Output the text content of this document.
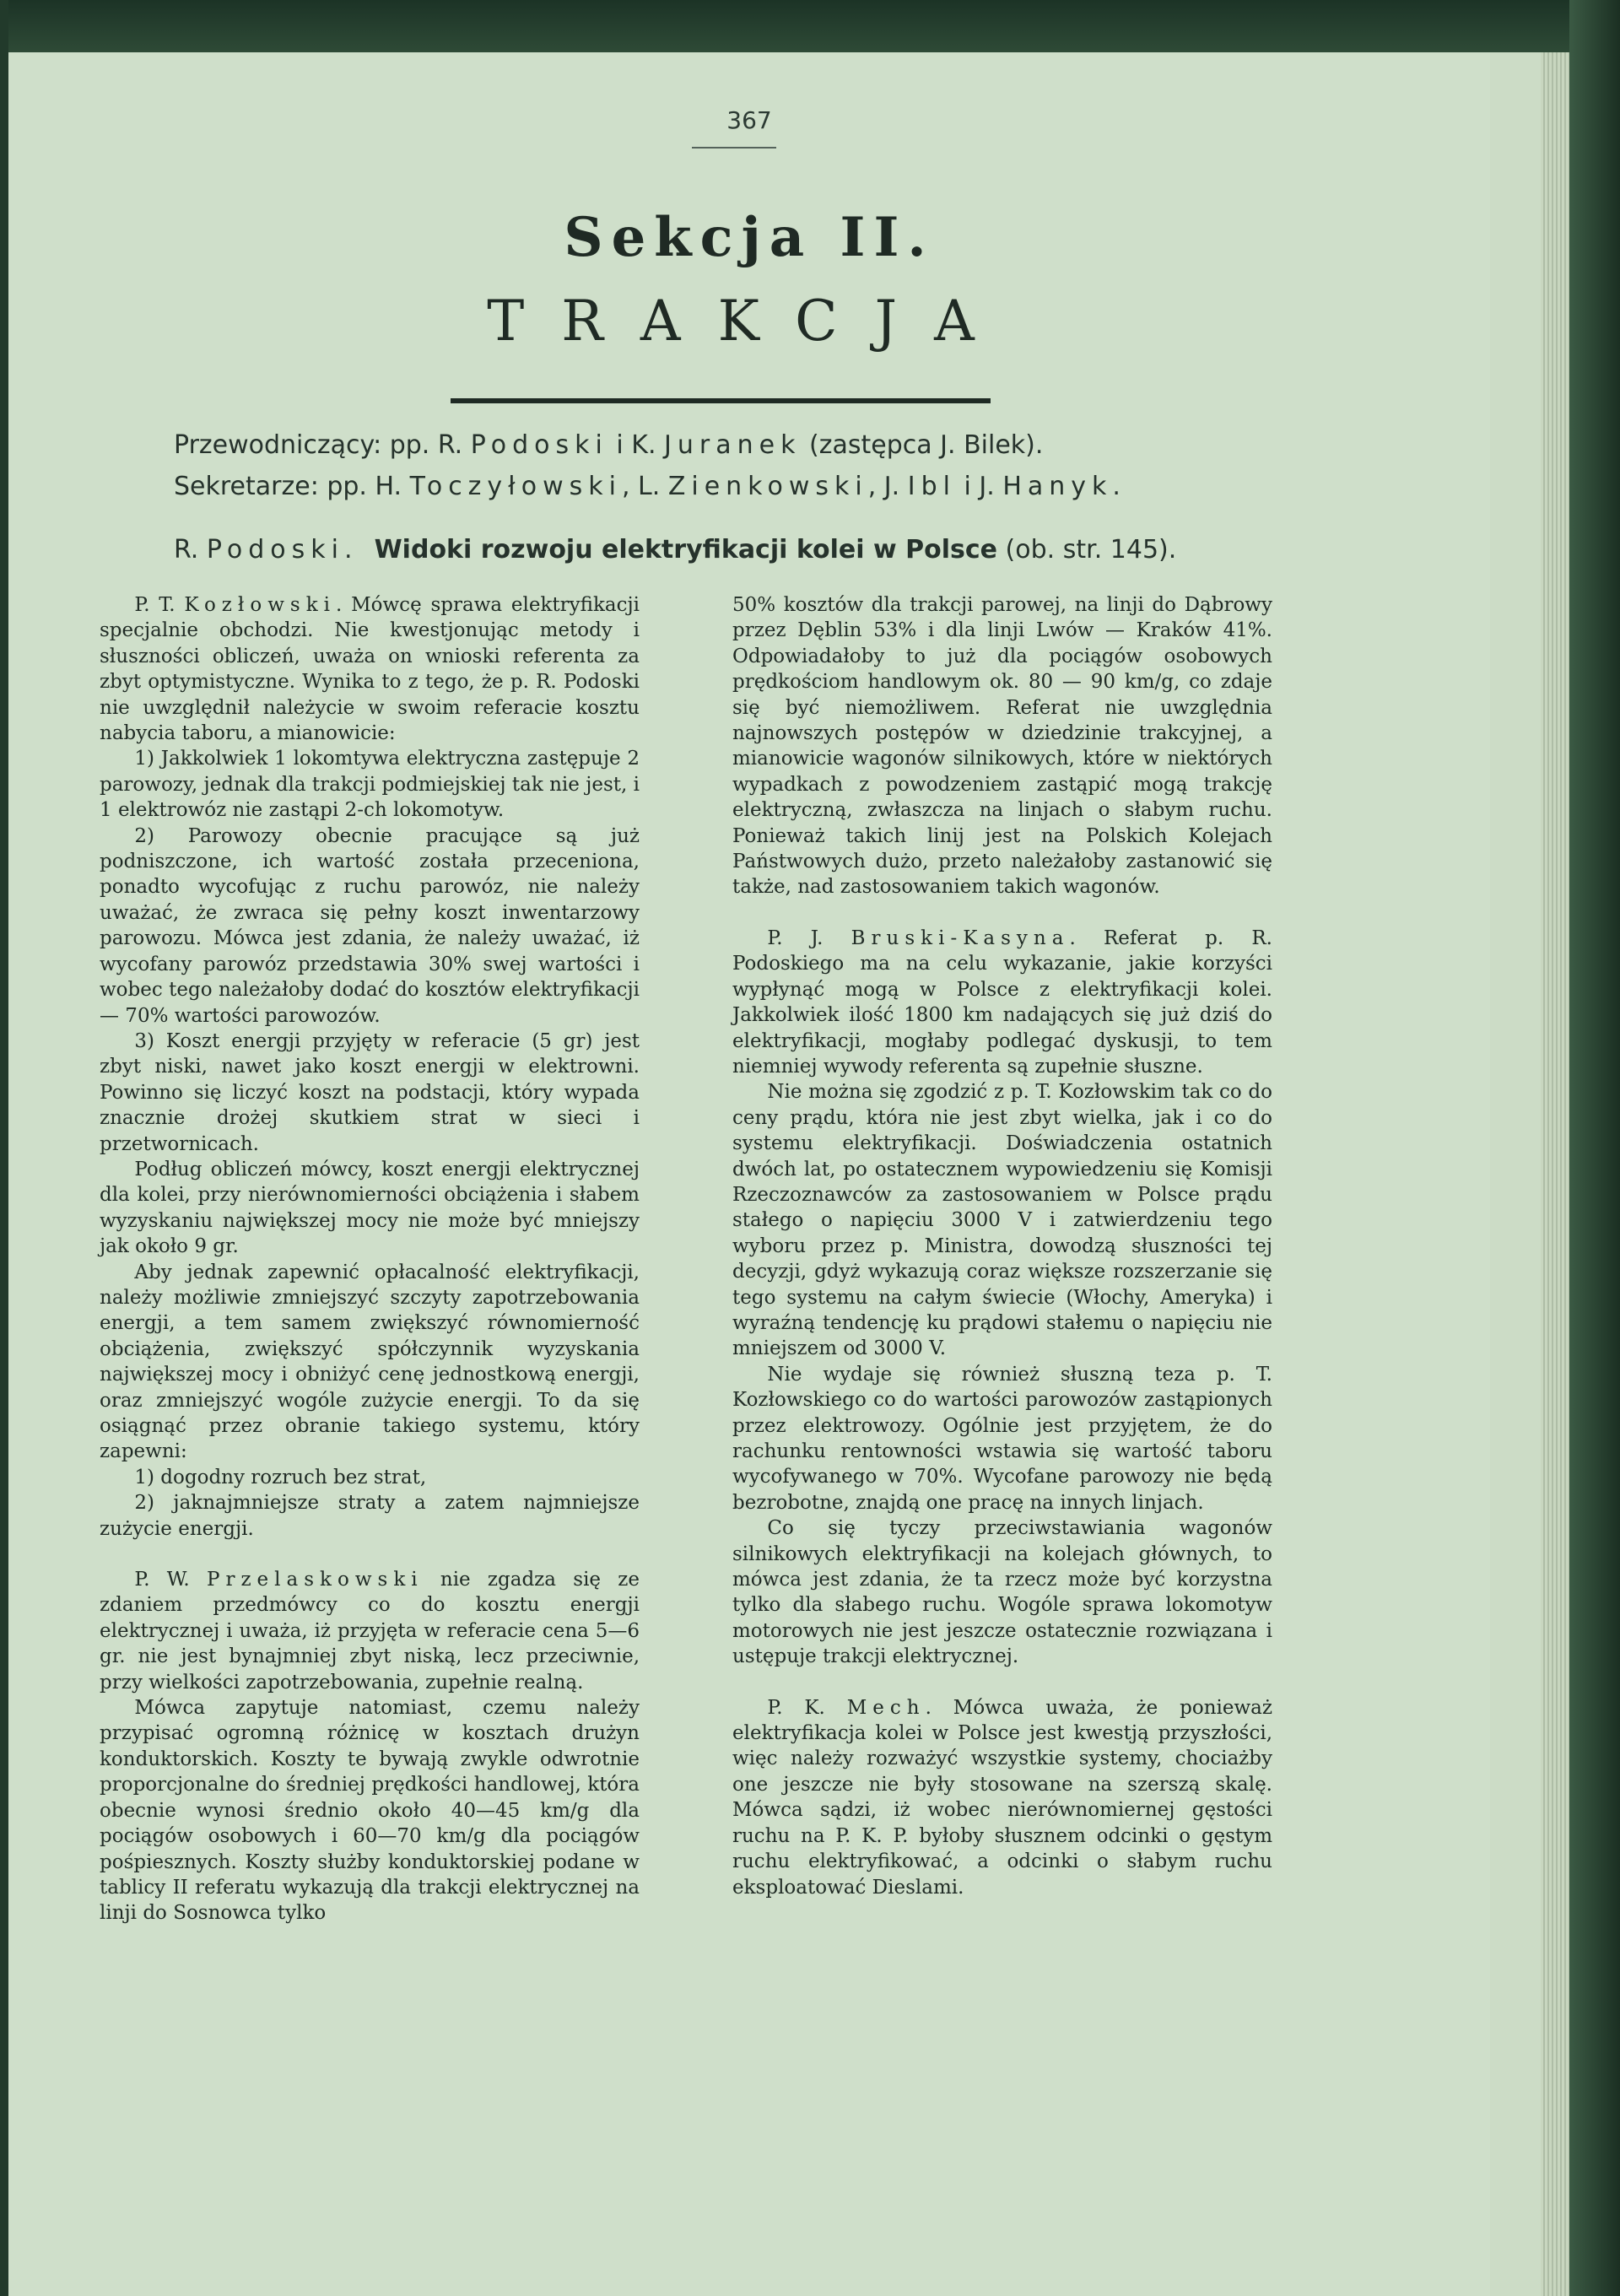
367
Sekcja II.
TRAKCJA
Przewodniczący: pp. R. Podoski i K. Juranek (zastępca J. Bilek).
Sekretarze: pp. H. Toczyłowski, L. Zienkowski, J. Ibl i J. Hanyk.
R. Podoski. Widoki rozwoju elektryfikacji kolei w Polsce (ob. str. 145).

P. T. Kozłowski. Mówcę sprawa elektryfikacji specjalnie obchodzi. Nie kwestjonując metody i słuszności obliczeń, uważa on wnioski referenta za zbyt optymistyczne. Wynika to z tego, że p. R. Podoski nie uwzględnił należycie w swoim referacie kosztu nabycia taboru, a mianowicie:

1) Jakkolwiek 1 lokomtywa elektryczna zastępuje 2 parowozy, jednak dla trakcji podmiejskiej tak nie jest, i 1 elektrowóz nie zastąpi 2-ch lokomotyw.

2) Parowozy obecnie pracujące są już podniszczone, ich wartość została przeceniona, ponadto wycofując z ruchu parowóz, nie należy uważać, że zwraca się pełny koszt inwentarzowy parowozu. Mówca jest zdania, że należy uważać, iż wycofany parowóz przedstawia 30% swej wartości i wobec tego należałoby dodać do kosztów elektryfikacji — 70% wartości parowozów.

3) Koszt energji przyjęty w referacie (5 gr) jest zbyt niski, nawet jako koszt energji w elektrowni. Powinno się liczyć koszt na podstacji, który wypada znacznie drożej skutkiem strat w sieci i przetwornicach.

Podług obliczeń mówcy, koszt energji elektrycznej dla kolei, przy nierównomierności obciążenia i słabem wyzyskaniu największej mocy nie może być mniejszy jak około 9 gr.

Aby jednak zapewnić opłacalność elektryfikacji, należy możliwie zmniejszyć szczyty zapotrzebowania energji, a tem samem zwiększyć równomierność obciążenia, zwiększyć spółczynnik wyzyskania największej mocy i obniżyć cenę jednostkową energji, oraz zmniejszyć wogóle zużycie energji. To da się osiągnąć przez obranie takiego systemu, który zapewni:

1) dogodny rozruch bez strat,

2) jaknajmniejsze straty a zatem najmniejsze zużycie energji.

P. W. Przelaskowski nie zgadza się ze zdaniem przedmówcy co do kosztu energji elektrycznej i uważa, iż przyjęta w referacie cena 5—6 gr. nie jest bynajmniej zbyt niską, lecz przeciwnie, przy wielkości zapotrzebowania, zupełnie realną.

Mówca zapytuje natomiast, czemu należy przypisać ogromną różnicę w kosztach drużyn konduktorskich. Koszty te bywają zwykle odwrotnie proporcjonalne do średniej prędkości handlowej, która obecnie wynosi średnio około 40—45 km/g dla pociągów osobowych i 60—70 km/g dla pociągów pośpiesznych. Koszty służby konduktorskiej podane w tablicy II referatu wykazują dla trakcji elektrycznej na linji do Sosnowca tylko

50% kosztów dla trakcji parowej, na linji do Dąbrowy przez Dęblin 53% i dla linji Lwów — Kraków 41%. Odpowiadałoby to już dla pociągów osobowych prędkościom handlowym ok. 80 — 90 km/g, co zdaje się być niemożliwem. Referat nie uwzględnia najnowszych postępów w dziedzinie trakcyjnej, a mianowicie wagonów silnikowych, które w niektórych wypadkach z powodzeniem zastąpić mogą trakcję elektryczną, zwłaszcza na linjach o słabym ruchu. Ponieważ takich linij jest na Polskich Kolejach Państwowych dużo, przeto należałoby zastanowić się także, nad zastosowaniem takich wagonów.

P. J. Bruski-Kasyna. Referat p. R. Podoskiego ma na celu wykazanie, jakie korzyści wypłynąć mogą w Polsce z elektryfikacji kolei. Jakkolwiek ilość 1800 km nadających się już dziś do elektryfikacji, mogłaby podlegać dyskusji, to tem niemniej wywody referenta są zupełnie słuszne.

Nie można się zgodzić z p. T. Kozłowskim tak co do ceny prądu, która nie jest zbyt wielka, jak i co do systemu elektryfikacji. Doświadczenia ostatnich dwóch lat, po ostatecznem wypowiedzeniu się Komisji Rzeczoznawców za zastosowaniem w Polsce prądu stałego o napięciu 3000 V i zatwierdzeniu tego wyboru przez p. Ministra, dowodzą słuszności tej decyzji, gdyż wykazują coraz większe rozszerzanie się tego systemu na całym świecie (Włochy, Ameryka) i wyraźną tendencję ku prądowi stałemu o napięciu nie mniejszem od 3000 V.

Nie wydaje się również słuszną teza p. T. Kozłowskiego co do wartości parowozów zastąpionych przez elektrowozy. Ogólnie jest przyjętem, że do rachunku rentowności wstawia się wartość taboru wycofywanego w 70%. Wycofane parowozy nie będą bezrobotne, znajdą one pracę na innych linjach.

Co się tyczy przeciwstawiania wagonów silnikowych elektryfikacji na kolejach głównych, to mówca jest zdania, że ta rzecz może być korzystna tylko dla słabego ruchu. Wogóle sprawa lokomotyw motorowych nie jest jeszcze ostatecznie rozwiązana i ustępuje trakcji elektrycznej.

P. K. Mech. Mówca uważa, że ponieważ elektryfikacja kolei w Polsce jest kwestją przyszłości, więc należy rozważyć wszystkie systemy, chociażby one jeszcze nie były stosowane na szerszą skalę. Mówca sądzi, iż wobec nierównomiernej gęstości ruchu na P. K. P. byłoby słusznem odcinki o gęstym ruchu elektryfikować, a odcinki o słabym ruchu eksploatować Dieslami.
